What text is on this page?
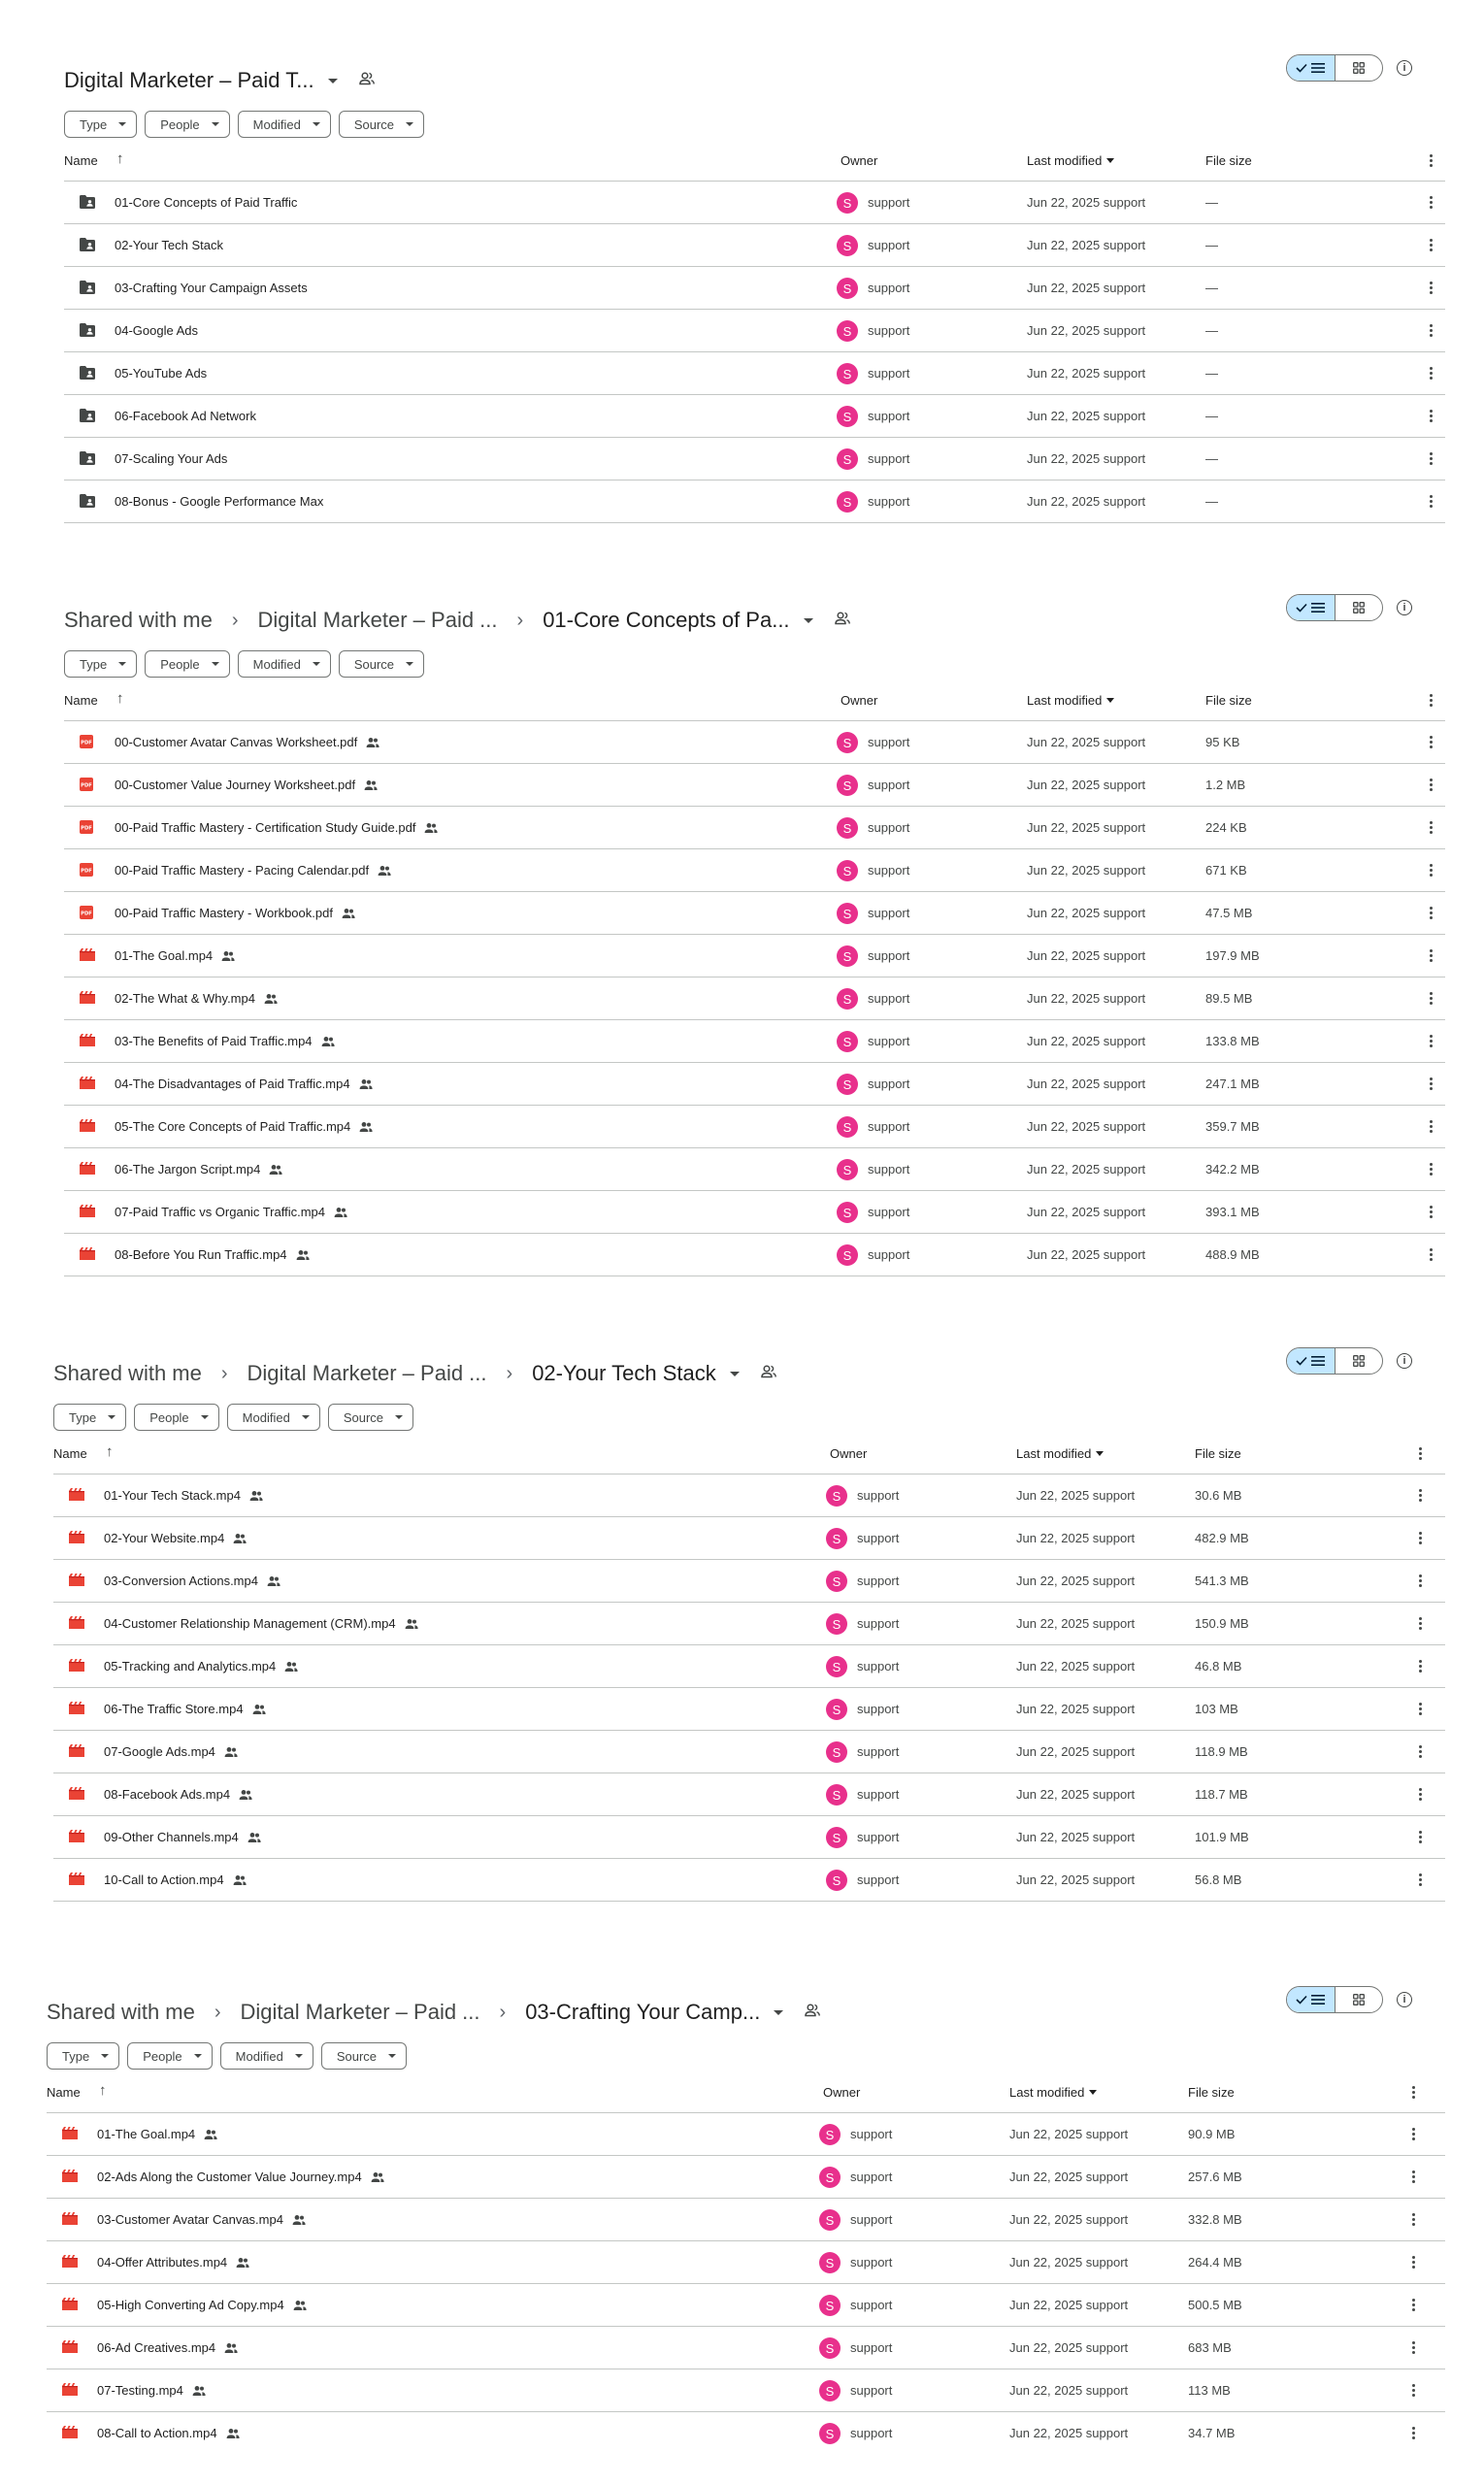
Digital Marketer – Paid T...	i
Type	People	Modified	Source
Name ↑	Owner	Last modified	File size
01-Core Concepts of Paid Traffic	S	support	Jun 22, 2025 support	—
02-Your Tech Stack	S	support	Jun 22, 2025 support	—
03-Crafting Your Campaign Assets	S	support	Jun 22, 2025 support	—
04-Google Ads	S	support	Jun 22, 2025 support	—
05-YouTube Ads	S	support	Jun 22, 2025 support	—
06-Facebook Ad Network	S	support	Jun 22, 2025 support	—
07-Scaling Your Ads	S	support	Jun 22, 2025 support	—
08-Bonus - Google Performance Max	S	support	Jun 22, 2025 support	—
Shared with me › Digital Marketer – Paid ... › 01-Core Concepts of Pa...	i
Type	People	Modified	Source
Name ↑	Owner	Last modified	File size
PDF 00-Customer Avatar Canvas Worksheet.pdf	S	support	Jun 22, 2025 support	95 KB
PDF 00-Customer Value Journey Worksheet.pdf	S	support	Jun 22, 2025 support	1.2 MB
PDF 00-Paid Traffic Mastery - Certification Study Guide.pdf	S	support	Jun 22, 2025 support	224 KB
PDF 00-Paid Traffic Mastery - Pacing Calendar.pdf	S	support	Jun 22, 2025 support	671 KB
PDF 00-Paid Traffic Mastery - Workbook.pdf	S	support	Jun 22, 2025 support	47.5 MB
01-The Goal.mp4	S	support	Jun 22, 2025 support	197.9 MB
02-The What & Why.mp4	S	support	Jun 22, 2025 support	89.5 MB
03-The Benefits of Paid Traffic.mp4	S	support	Jun 22, 2025 support	133.8 MB
04-The Disadvantages of Paid Traffic.mp4	S	support	Jun 22, 2025 support	247.1 MB
05-The Core Concepts of Paid Traffic.mp4	S	support	Jun 22, 2025 support	359.7 MB
06-The Jargon Script.mp4	S	support	Jun 22, 2025 support	342.2 MB
07-Paid Traffic vs Organic Traffic.mp4	S	support	Jun 22, 2025 support	393.1 MB
08-Before You Run Traffic.mp4	S	support	Jun 22, 2025 support	488.9 MB
Shared with me › Digital Marketer – Paid ... › 02-Your Tech Stack	i
Type	People	Modified	Source
Name ↑	Owner	Last modified	File size
01-Your Tech Stack.mp4	S	support	Jun 22, 2025 support	30.6 MB
02-Your Website.mp4	S	support	Jun 22, 2025 support	482.9 MB
03-Conversion Actions.mp4	S	support	Jun 22, 2025 support	541.3 MB
04-Customer Relationship Management (CRM).mp4	S	support	Jun 22, 2025 support	150.9 MB
05-Tracking and Analytics.mp4	S	support	Jun 22, 2025 support	46.8 MB
06-The Traffic Store.mp4	S	support	Jun 22, 2025 support	103 MB
07-Google Ads.mp4	S	support	Jun 22, 2025 support	118.9 MB
08-Facebook Ads.mp4	S	support	Jun 22, 2025 support	118.7 MB
09-Other Channels.mp4	S	support	Jun 22, 2025 support	101.9 MB
10-Call to Action.mp4	S	support	Jun 22, 2025 support	56.8 MB
Shared with me › Digital Marketer – Paid ... › 03-Crafting Your Camp...	i
Type	People	Modified	Source
Name ↑	Owner	Last modified	File size
01-The Goal.mp4	S	support	Jun 22, 2025 support	90.9 MB
02-Ads Along the Customer Value Journey.mp4	S	support	Jun 22, 2025 support	257.6 MB
03-Customer Avatar Canvas.mp4	S	support	Jun 22, 2025 support	332.8 MB
04-Offer Attributes.mp4	S	support	Jun 22, 2025 support	264.4 MB
05-High Converting Ad Copy.mp4	S	support	Jun 22, 2025 support	500.5 MB
06-Ad Creatives.mp4	S	support	Jun 22, 2025 support	683 MB
07-Testing.mp4	S	support	Jun 22, 2025 support	113 MB
08-Call to Action.mp4	S	support	Jun 22, 2025 support	34.7 MB
